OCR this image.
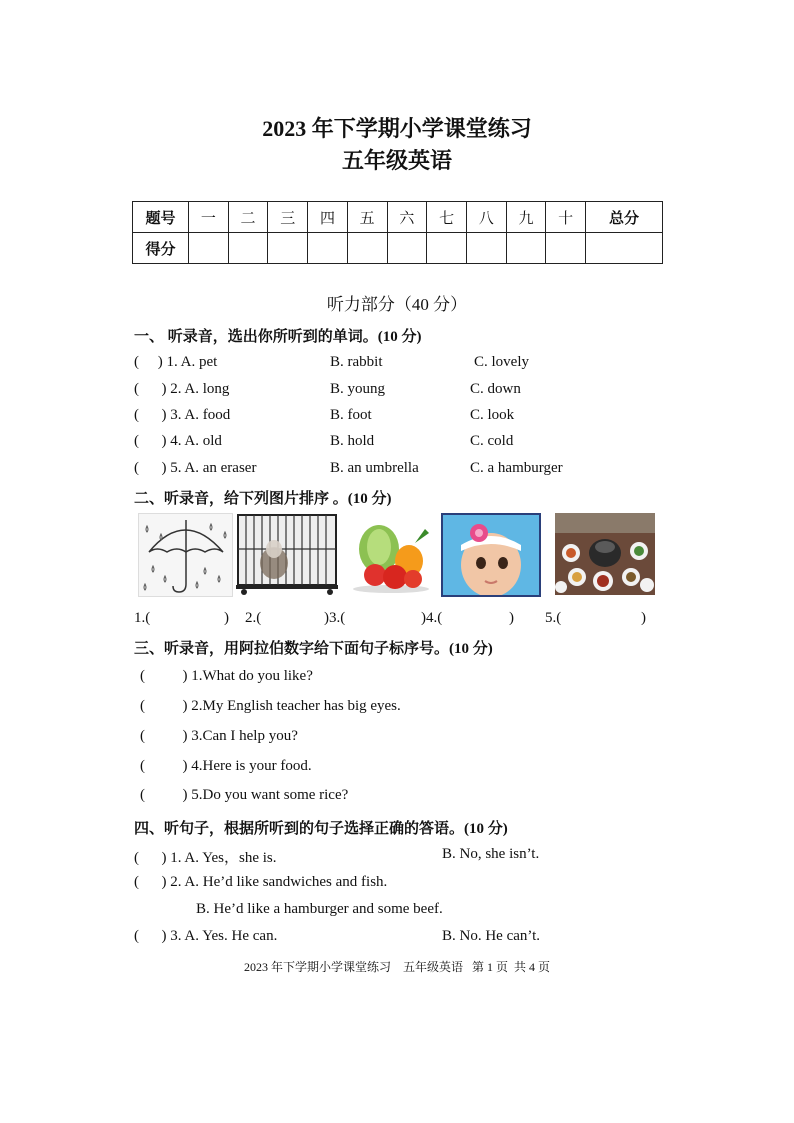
2023 年下学期小学课堂练习
五年级英语
题号	一	二	三	四	五	六	七	八	九	十	总分
得分											
听力部分（40 分）
一、 听录音，选出你所听到的单词。(10 分)
(     ) 1. A. pet	B. rabbit	C. lovely
(      ) 2. A. long	B. young	C. down
(      ) 3. A. food	B. foot	C. look
(      ) 4. A. old	B. hold	C. cold
(      ) 5. A. an eraser	B. an umbrella	C. a hamburger
二、听录音，给下列图片排序 。(10 分)
1.(	) 2.(	)3.(	)4.(	) 5.(	)
三、听录音，用阿拉伯数字给下面句子标序号。(10 分)
(          ) 1.What do you like?
(          ) 2.My English teacher has big eyes.
(          ) 3.Can I help you?
(          ) 4.Here is your food.
(          ) 5.Do you want some rice?
四、听句子，根据所听到的句子选择正确的答语。(10 分)
(      ) 1. A. Yes，she is.	B. No, she isn’t.
(      ) 2. A. He’d like sandwiches and fish.
B. He’d like a hamburger and some beef.
(      ) 3. A. Yes. He can.	B. No. He can’t.
2023 年下学期小学课堂练习    五年级英语   第 1 页  共 4 页
